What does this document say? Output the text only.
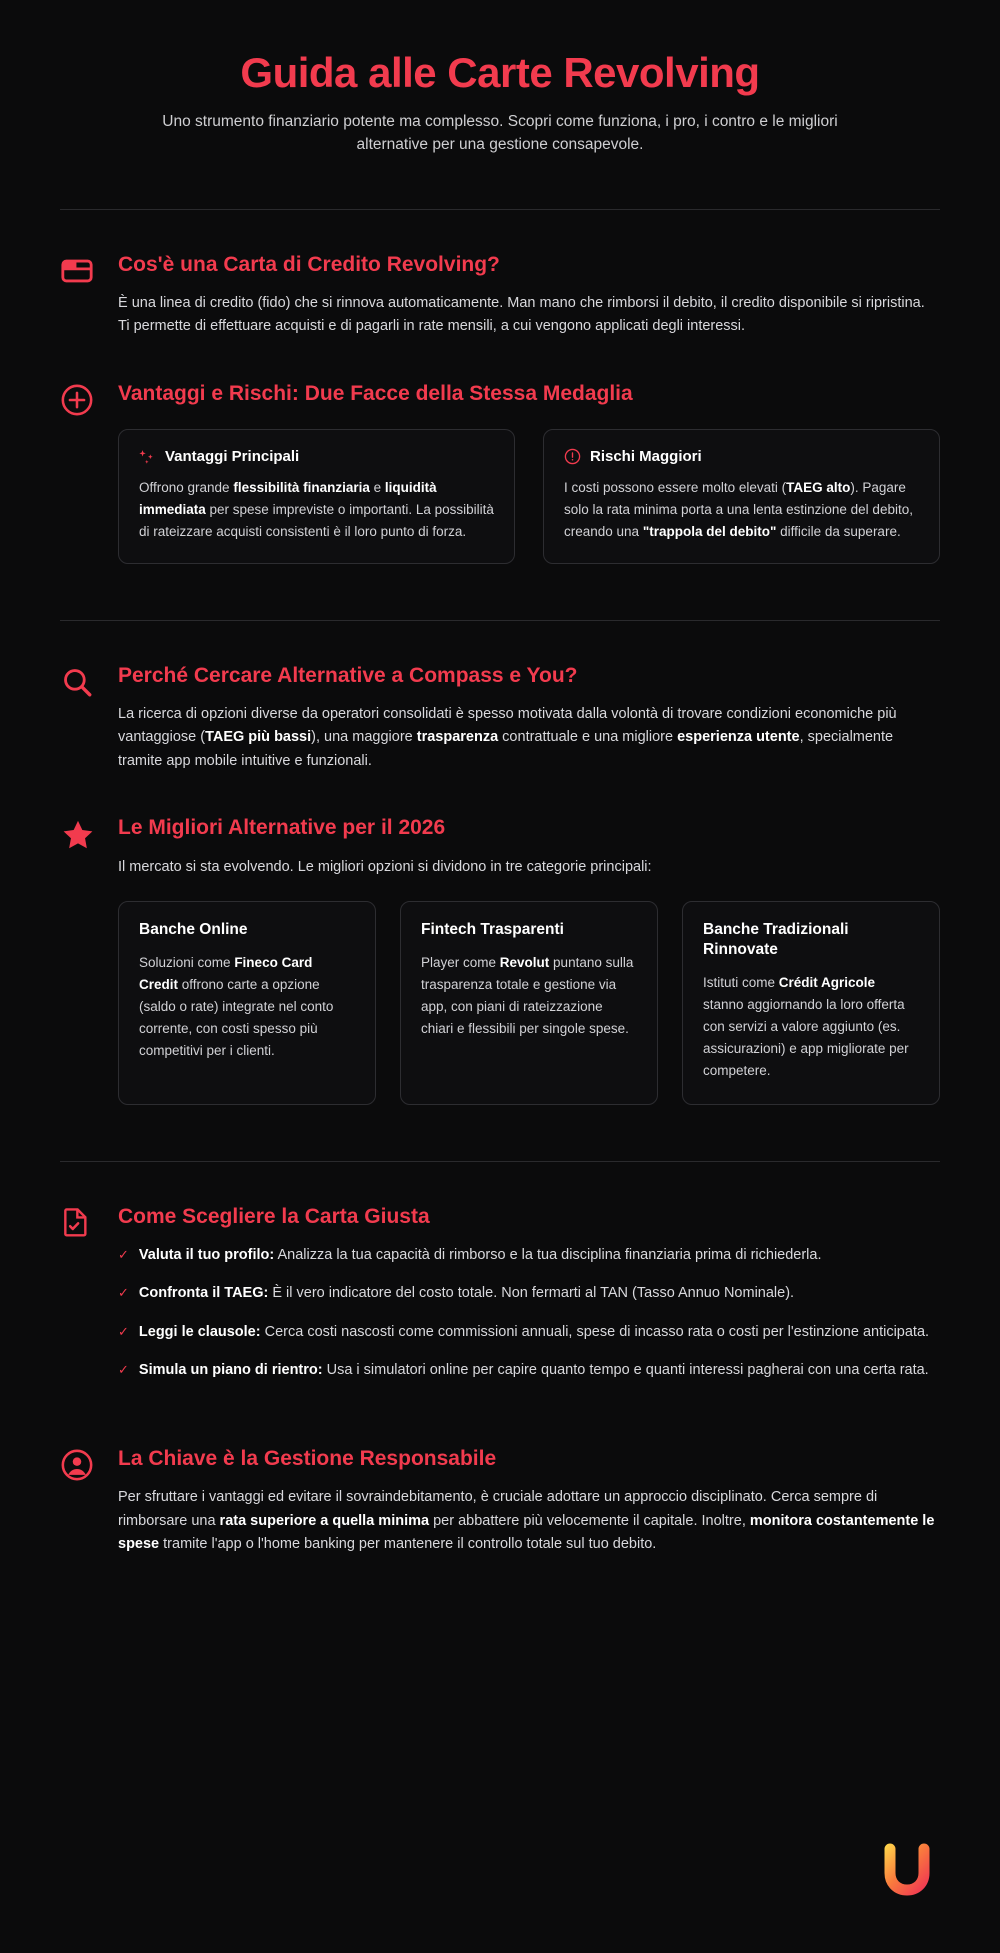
Guida alle Carte Revolving

Uno strumento finanziario potente ma complesso. Scopri come funziona, i pro, i contro e le migliori alternative per una gestione consapevole.

Cos'è una Carta di Credito Revolving?

È una linea di credito (fido) che si rinnova automaticamente. Man mano che rimborsi il debito, il credito disponibile si ripristina. Ti permette di effettuare acquisti e di pagarli in rate mensili, a cui vengono applicati degli interessi.

Vantaggi e Rischi: Due Facce della Stessa Medaglia
Vantaggi Principali
Offrono grande flessibilità finanziaria e liquidità immediata per spese impreviste o importanti. La possibilità di rateizzare acquisti consistenti è il loro punto di forza.
Rischi Maggiori
I costi possono essere molto elevati (TAEG alto). Pagare solo la rata minima porta a una lenta estinzione del debito, creando una "trappola del debito" difficile da superare.
Perché Cercare Alternative a Compass e You?

La ricerca di opzioni diverse da operatori consolidati è spesso motivata dalla volontà di trovare condizioni economiche più vantaggiose (TAEG più bassi), una maggiore trasparenza contrattuale e una migliore esperienza utente, specialmente tramite app mobile intuitive e funzionali.

Le Migliori Alternative per il 2026

Il mercato si sta evolvendo. Le migliori opzioni si dividono in tre categorie principali:

Banche Online
Soluzioni come Fineco Card Credit offrono carte a opzione (saldo o rate) integrate nel conto corrente, con costi spesso più competitivi per i clienti.
Fintech Trasparenti
Player come Revolut puntano sulla trasparenza totale e gestione via app, con piani di rateizzazione chiari e flessibili per singole spese.
Banche Tradizionali Rinnovate
Istituti come Crédit Agricole stanno aggiornando la loro offerta con servizi a valore aggiunto (es. assicurazioni) e app migliorate per competere.
Come Scegliere la Carta Giusta
✓ Valuta il tuo profilo: Analizza la tua capacità di rimborso e la tua disciplina finanziaria prima di richiederla.
✓ Confronta il TAEG: È il vero indicatore del costo totale. Non fermarti al TAN (Tasso Annuo Nominale).
✓ Leggi le clausole: Cerca costi nascosti come commissioni annuali, spese di incasso rata o costi per l'estinzione anticipata.
✓ Simula un piano di rientro: Usa i simulatori online per capire quanto tempo e quanti interessi pagherai con una certa rata.
La Chiave è la Gestione Responsabile

Per sfruttare i vantaggi ed evitare il sovraindebitamento, è cruciale adottare un approccio disciplinato. Cerca sempre di rimborsare una rata superiore a quella minima per abbattere più velocemente il capitale. Inoltre, monitora costantemente le spese tramite l'app o l'home banking per mantenere il controllo totale sul tuo debito.
